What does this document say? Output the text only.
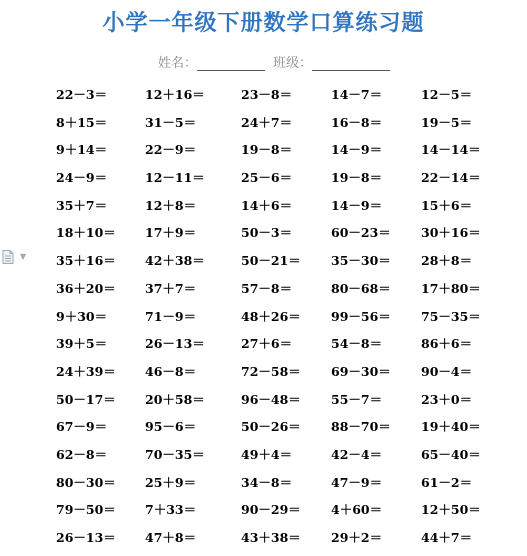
小学一年级下册数学口算练习题
姓名：	班级：
▼
22－3＝	12＋16＝	23－8＝	14－7＝	12－5＝
8＋15＝	31－5＝	24＋7＝	16－8＝	19－5＝
9＋14＝	22－9＝	19－8＝	14－9＝	14－14＝
24－9＝	12－11＝	25－6＝	19－8＝	22－14＝
35＋7＝	12＋8＝	14＋6＝	14－9＝	15＋6＝
18＋10＝ 17＋9＝	50－3＝	60－23＝ 30＋16＝
35＋16＝ 42＋38＝	50－21＝ 35－30＝ 28＋8＝
36＋20＝ 37＋7＝	57－8＝	80－68＝ 17＋80＝
9＋30＝	71－9＝	48＋26＝ 99－56＝ 75－35＝
39＋5＝	26－13＝	27＋6＝	54－8＝	86＋6＝
24＋39＝ 46－8＝	72－58＝ 69－30＝ 90－4＝
50－17＝ 20＋58＝	96－48＝ 55－7＝	23＋0＝
67－9＝	95－6＝	50－26＝ 88－70＝ 19＋40＝
62－8＝	70－35＝	49＋4＝	42－4＝	65－40＝
80－30＝ 25＋9＝	34－8＝	47－9＝	61－2＝
79－50＝ 7＋33＝	90－29＝ 4＋60＝	12＋50＝
26－13＝ 47＋8＝	43＋38＝ 29＋2＝	44＋7＝
